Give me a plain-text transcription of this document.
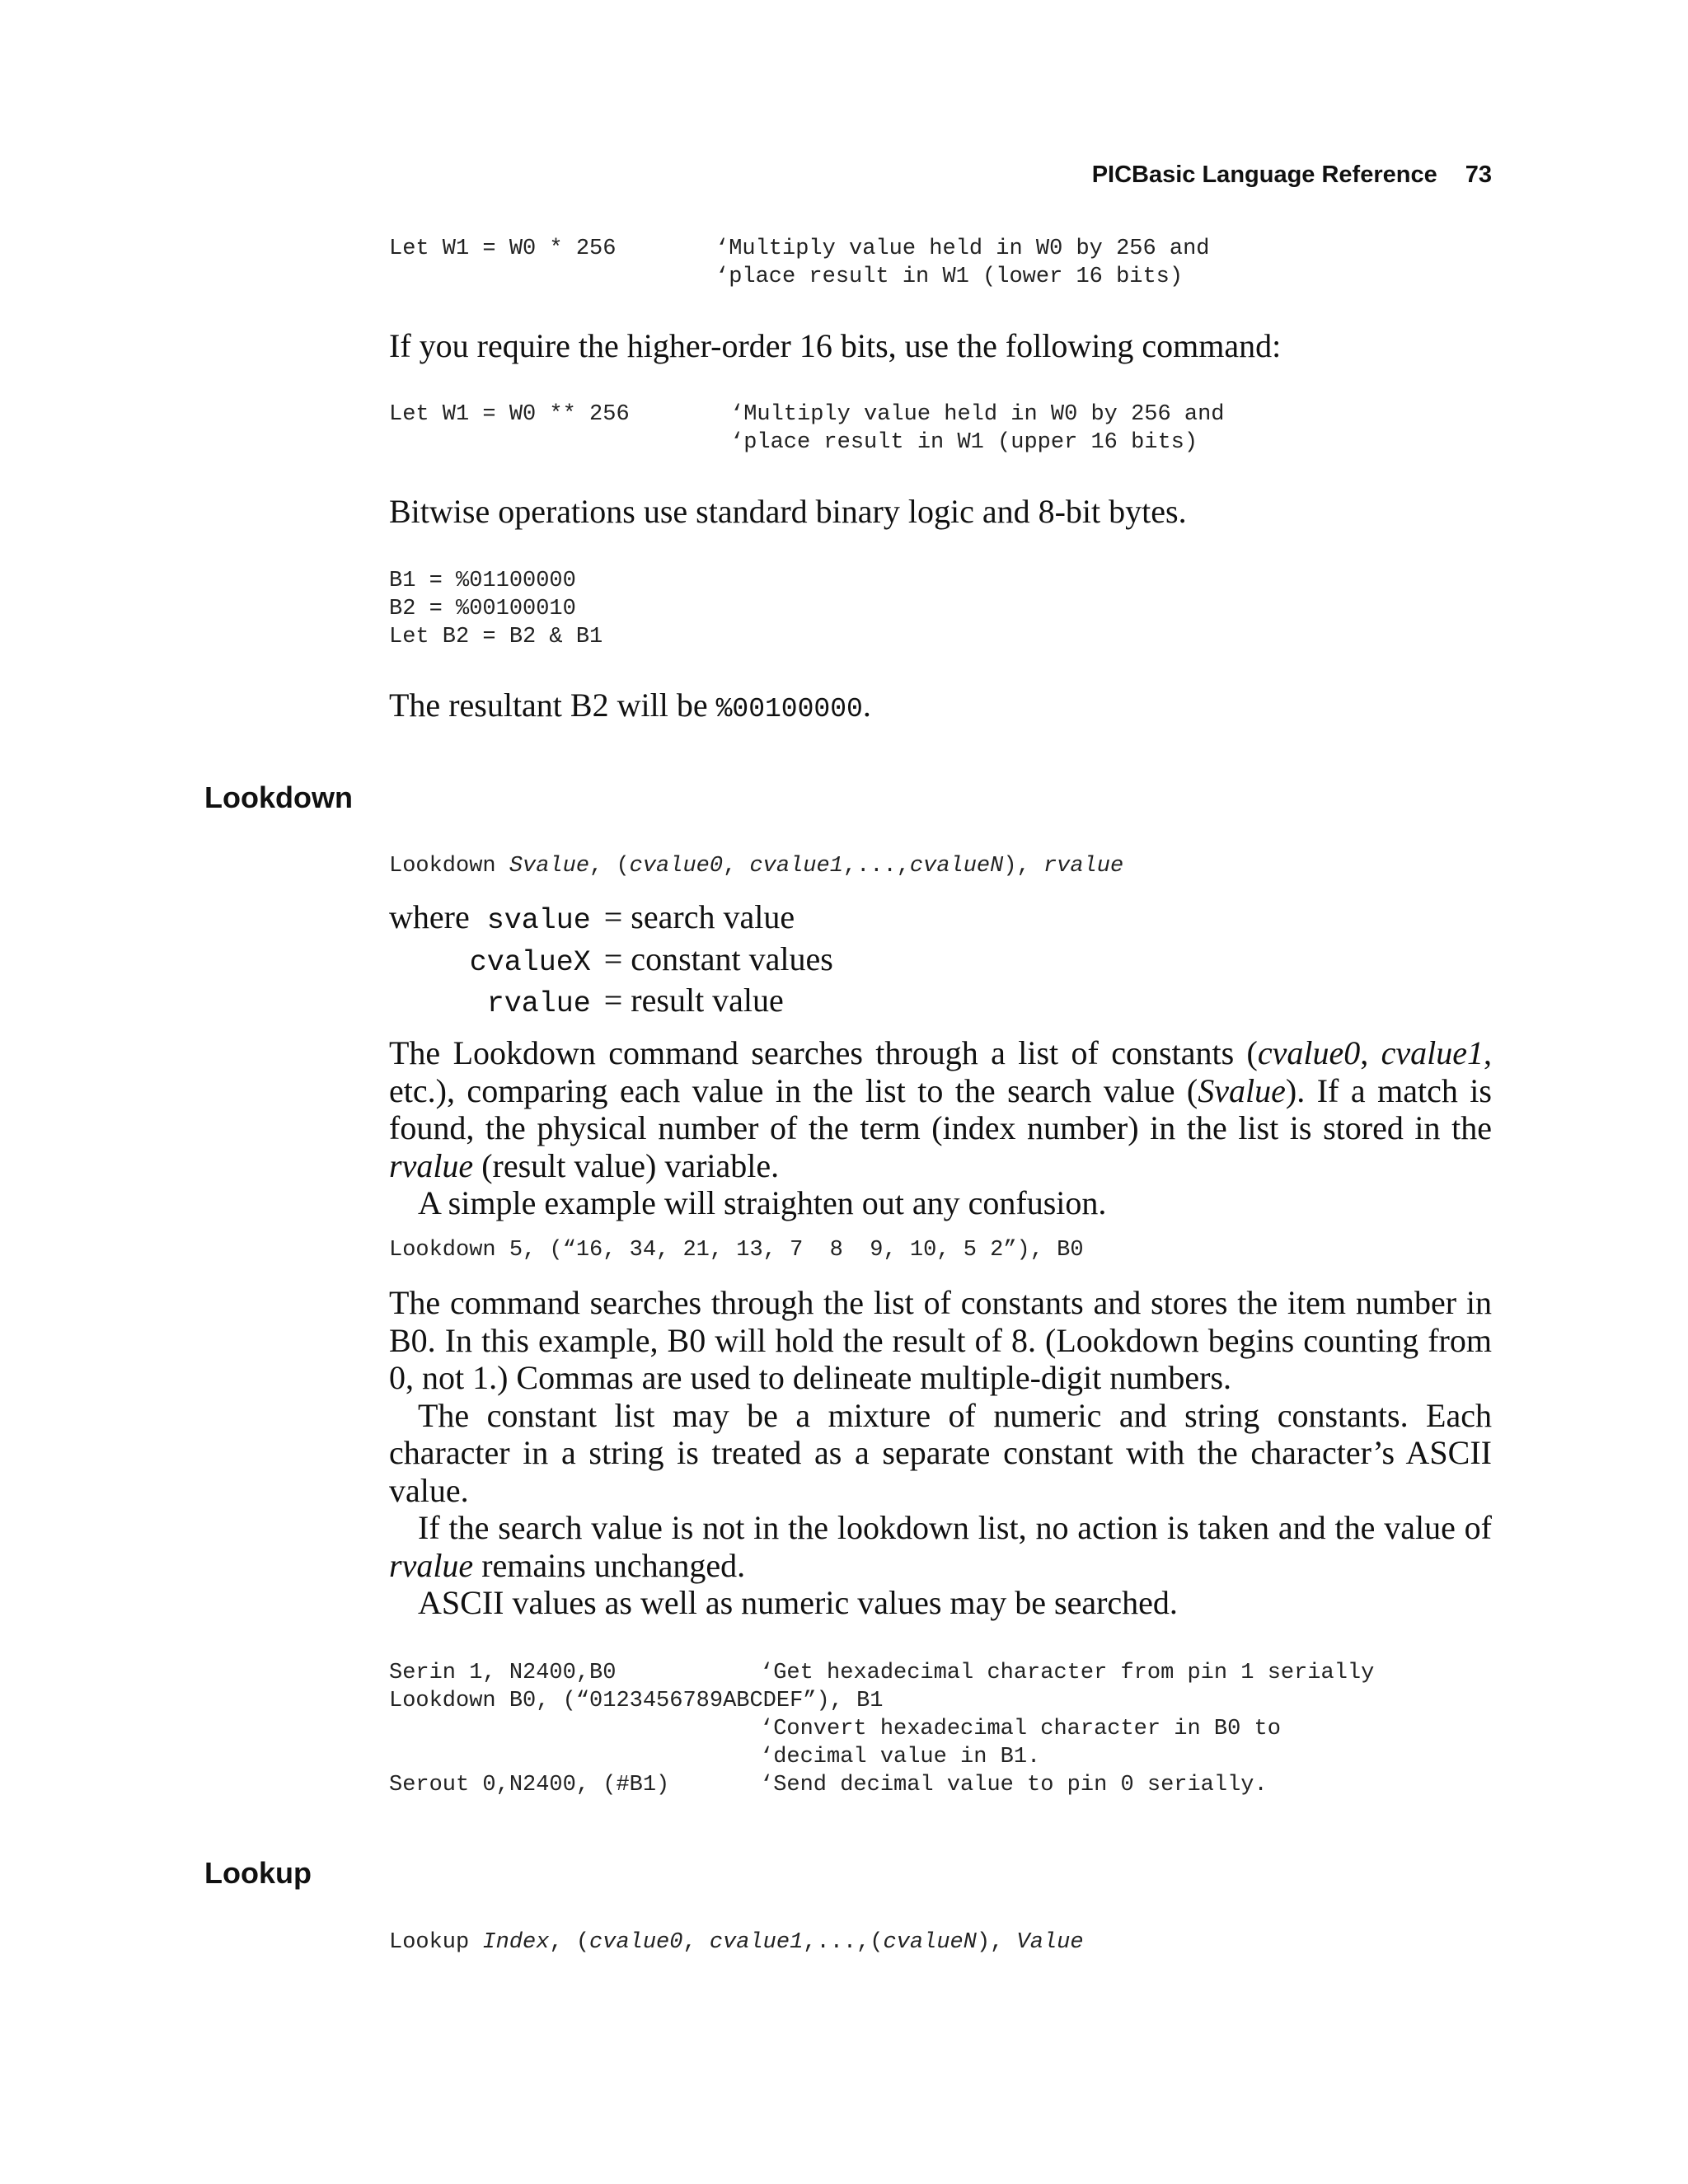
PICBasic Language Reference 73
Let W1 = W0 * 256	‘Multiply value held in W0 by 256 and
‘place result in W1 (lower 16 bits)

If you require the higher-order 16 bits, use the following command:

Let W1 = W0 ** 256	‘Multiply value held in W0 by 256 and
‘place result in W1 (upper 16 bits)

Bitwise operations use standard binary logic and 8-bit bytes.

B1 = %01100000
B2 = %00100010
Let B2 = B2 & B1

The resultant B2 will be %00100000.

Lookdown
Lookdown Svalue, (cvalue0, cvalue1,...,cvalueN), rvalue
where	svalue	= search value
	cvalueX	= constant values
	rvalue	= result value

The Lookdown command searches through a list of constants (cvalue0, cvalue1, etc.), comparing each value in the list to the search value (Svalue). If a match is found, the physical number of the term (index number) in the list is stored in the rvalue (result value) variable.

A simple example will straighten out any confusion.

Lookdown 5, (“16, 34, 21, 13, 7  8  9, 10, 5 2”), B0

The command searches through the list of constants and stores the item number in B0. In this example, B0 will hold the result of 8. (Lookdown begins counting from 0, not 1.) Commas are used to delineate multiple-digit numbers.

The constant list may be a mixture of numeric and string constants. Each character in a string is treated as a separate constant with the character’s ASCII value.

If the search value is not in the lookdown list, no action is taken and the value of rvalue remains unchanged.

ASCII values as well as numeric values may be searched.

Serin 1, N2400,B0	‘Get hexadecimal character from pin 1 serially
Lookdown B0, (“0123456789ABCDEF”), B1
‘Convert hexadecimal character in B0 to
‘decimal value in B1.
Serout 0,N2400, (#B1)	‘Send decimal value to pin 0 serially.
Lookup
Lookup Index, (cvalue0, cvalue1,...,(cvalueN), Value
